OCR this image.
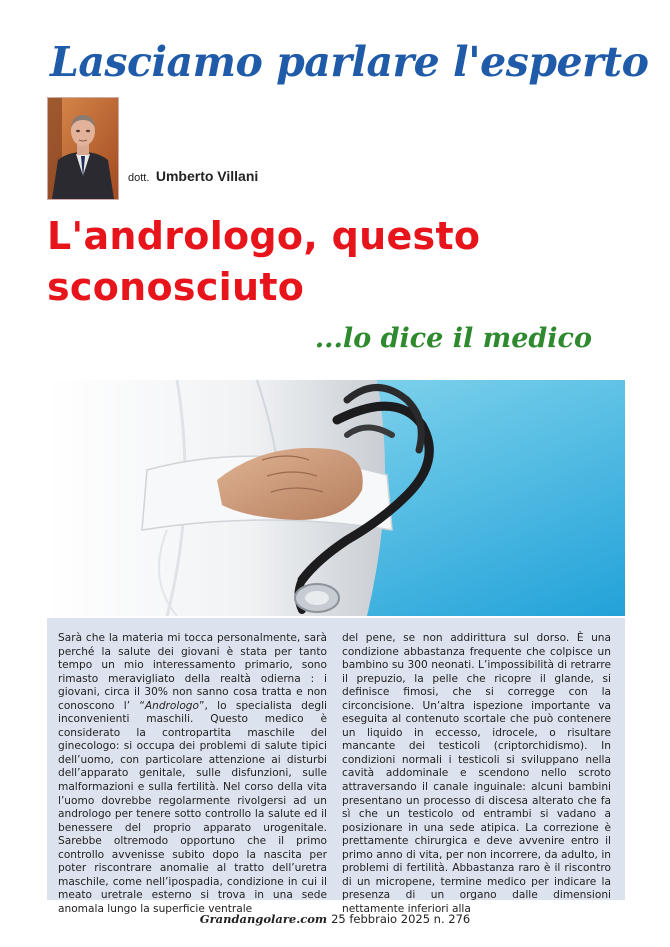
Lasciamo parlare l'esperto
dott. Umberto Villani
L'andrologo, questo sconosciuto
...lo dice il medico
Sarà che la materia mi tocca personalmente, sarà perché la salute dei giovani è stata per tanto tempo un mio interessamento primario, sono rimasto meravigliato della realtà odierna : i giovani, circa il 30% non sanno cosa tratta e non conoscono l’ “Andrologo”, lo specialista degli inconvenienti maschili. Questo medico è considerato la contropartita maschile del ginecologo: si occupa dei problemi di salute tipici dell’uomo, con particolare attenzione ai disturbi dell’apparato genitale, sulle disfunzioni, sulle malformazioni e sulla fertilità. Nel corso della vita l’uomo dovrebbe regolarmente rivolgersi ad un andrologo per tenere sotto controllo la salute ed il benessere del proprio apparato urogenitale. Sarebbe oltremodo opportuno che il primo controllo avvenisse subito dopo la nascita per poter riscontrare anomalie al tratto dell’uretra maschile, come nell’ipospadia, condizione in cui il meato uretrale esterno si trova in una sede anomala lungo la superficie ventrale
del pene, se non addirittura sul dorso. È una condizione abbastanza frequente che colpisce un bambino su 300 neonati. L’impossibilità di retrarre il prepuzio, la pelle che ricopre il glande, si definisce fimosi, che si corregge con la circoncisione. Un’altra ispezione importante va eseguita al contenuto scortale che può contenere un liquido in eccesso, idrocele, o risultare mancante dei testicoli (criptorchidismo). In condizioni normali i testicoli si sviluppano nella cavità addominale e scendono nello scroto attraversando il canale inguinale: alcuni bambini presentano un processo di discesa alterato che fa sì che un testicolo od entrambi si vadano a posizionare in una sede atipica. La correzione è prettamente chirurgica e deve avvenire entro il primo anno di vita, per non incorrere, da adulto, in problemi di fertilità. Abbastanza raro è il riscontro di un micropene, termine medico per indicare la presenza di un organo dalle dimensioni nettamente inferiori alla
Grandangolare.com 25 febbraio 2025 n. 276
